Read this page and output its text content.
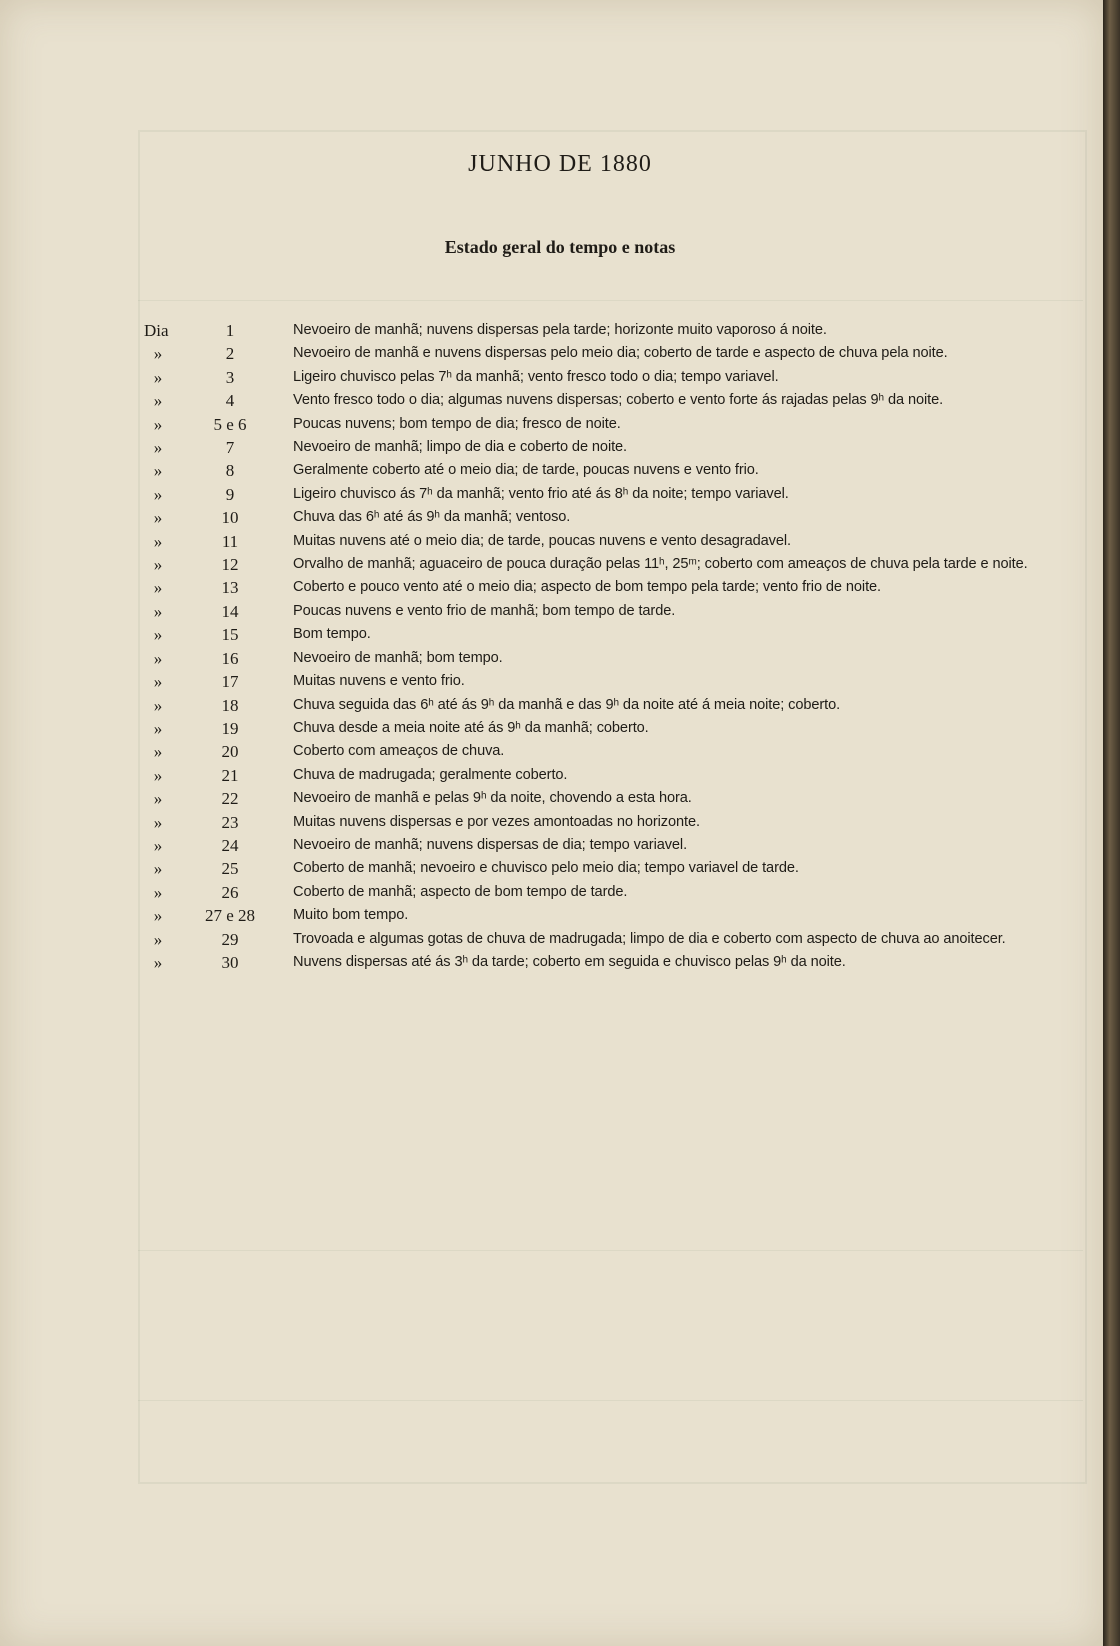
JUNHO DE 1880
Estado geral do tempo e notas
Dia	1	Nevoeiro de manhã; nuvens dispersas pela tarde; horizonte muito vaporoso á noite.
»	2	Nevoeiro de manhã e nuvens dispersas pelo meio dia; coberto de tarde e aspecto de chuva pela noite.
»	3	Ligeiro chuvisco pelas 7ʰ da manhã; vento fresco todo o dia; tempo variavel.
»	4	Vento fresco todo o dia; algumas nuvens dispersas; coberto e vento forte ás rajadas pelas 9ʰ da noite.
»	5 e 6	Poucas nuvens; bom tempo de dia; fresco de noite.
»	7	Nevoeiro de manhã; limpo de dia e coberto de noite.
»	8	Geralmente coberto até o meio dia; de tarde, poucas nuvens e vento frio.
»	9	Ligeiro chuvisco ás 7ʰ da manhã; vento frio até ás 8ʰ da noite; tempo variavel.
»	10	Chuva das 6ʰ até ás 9ʰ da manhã; ventoso.
»	11	Muitas nuvens até o meio dia; de tarde, poucas nuvens e vento desagradavel.
»	12	Orvalho de manhã; aguaceiro de pouca duração pelas 11ʰ, 25ᵐ; coberto com ameaços de chuva pela tarde e noite.
»	13	Coberto e pouco vento até o meio dia; aspecto de bom tempo pela tarde; vento frio de noite.
»	14	Poucas nuvens e vento frio de manhã; bom tempo de tarde.
»	15	Bom tempo.
»	16	Nevoeiro de manhã; bom tempo.
»	17	Muitas nuvens e vento frio.
»	18	Chuva seguida das 6ʰ até ás 9ʰ da manhã e das 9ʰ da noite até á meia noite; coberto.
»	19	Chuva desde a meia noite até ás 9ʰ da manhã; coberto.
»	20	Coberto com ameaços de chuva.
»	21	Chuva de madrugada; geralmente coberto.
»	22	Nevoeiro de manhã e pelas 9ʰ da noite, chovendo a esta hora.
»	23	Muitas nuvens dispersas e por vezes amontoadas no horizonte.
»	24	Nevoeiro de manhã; nuvens dispersas de dia; tempo variavel.
»	25	Coberto de manhã; nevoeiro e chuvisco pelo meio dia; tempo variavel de tarde.
»	26	Coberto de manhã; aspecto de bom tempo de tarde.
»	27 e 28	Muito bom tempo.
»	29	Trovoada e algumas gotas de chuva de madrugada; limpo de dia e coberto com aspecto de chuva ao anoitecer.
»	30	Nuvens dispersas até ás 3ʰ da tarde; coberto em seguida e chuvisco pelas 9ʰ da noite.
